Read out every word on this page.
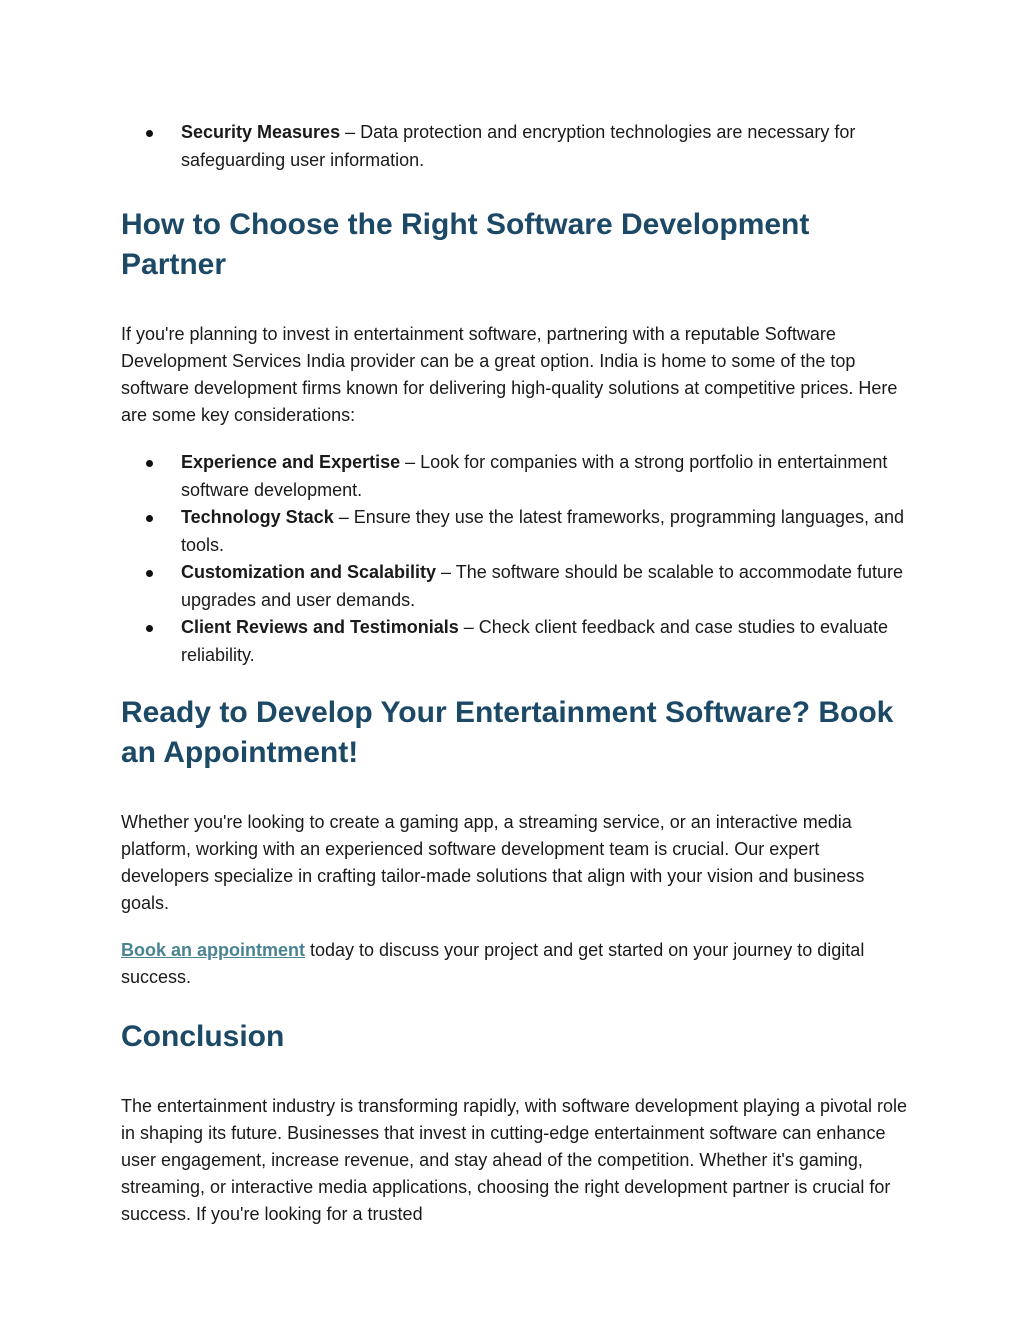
Security Measures – Data protection and encryption technologies are necessary for safeguarding user information.
How to Choose the Right Software Development Partner

If you're planning to invest in entertainment software, partnering with a reputable Software Development Services India provider can be a great option. India is home to some of the top software development firms known for delivering high-quality solutions at competitive prices. Here are some key considerations:

Experience and Expertise – Look for companies with a strong portfolio in entertainment software development.
Technology Stack – Ensure they use the latest frameworks, programming languages, and tools.
Customization and Scalability – The software should be scalable to accommodate future upgrades and user demands.
Client Reviews and Testimonials – Check client feedback and case studies to evaluate reliability.
Ready to Develop Your Entertainment Software? Book an Appointment!

Whether you're looking to create a gaming app, a streaming service, or an interactive media platform, working with an experienced software development team is crucial. Our expert developers specialize in crafting tailor-made solutions that align with your vision and business goals.

Book an appointment today to discuss your project and get started on your journey to digital success.

Conclusion

The entertainment industry is transforming rapidly, with software development playing a pivotal role in shaping its future. Businesses that invest in cutting-edge entertainment software can enhance user engagement, increase revenue, and stay ahead of the competition. Whether it's gaming, streaming, or interactive media applications, choosing the right development partner is crucial for success. If you're looking for a trusted
